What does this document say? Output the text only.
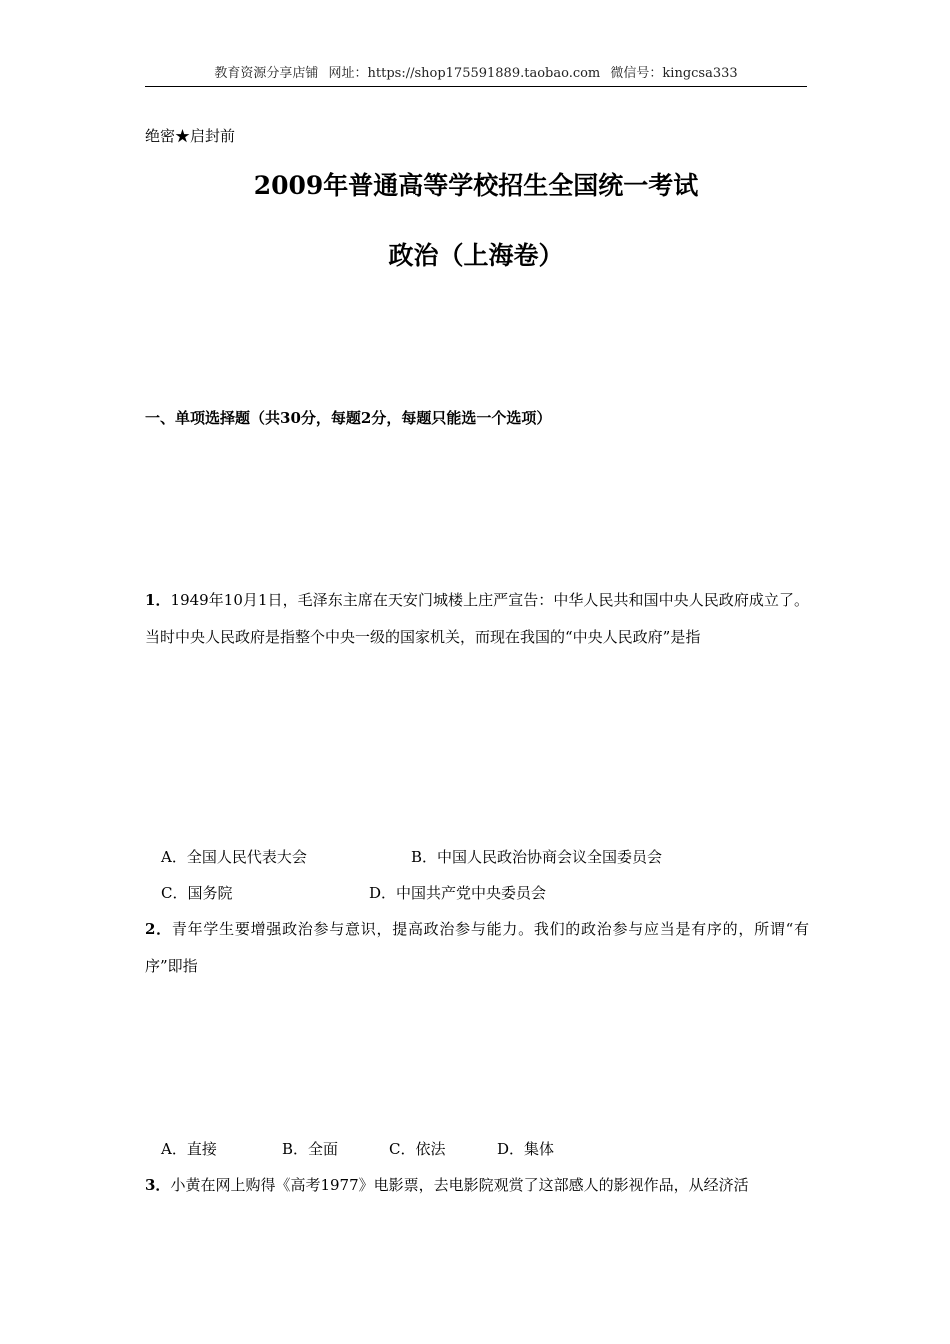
教育资源分享店铺 网址：https://shop175591889.taobao.com 微信号：kingcsa333
绝密★启封前
2009年普通高等学校招生全国统一考试
政治（上海卷）
一、单项选择题（共30分，每题2分，每题只能选一个选项）
1．1949年10月1日，毛泽东主席在天安门城楼上庄严宣告：中华人民共和国中央人民政府成立了。当时中央人民政府是指整个中央一级的国家机关，而现在我国的“中央人民政府”是指
A．全国人民代表大会	B．中国人民政治协商会议全国委员会
C．国务院	D．中国共产党中央委员会
2．青年学生要增强政治参与意识，提高政治参与能力。我们的政治参与应当是有序的，所谓“有序”即指
A．直接	B．全面	C．依法	D．集体
3．小黄在网上购得《高考1977》电影票，去电影院观赏了这部感人的影视作品，从经济活
